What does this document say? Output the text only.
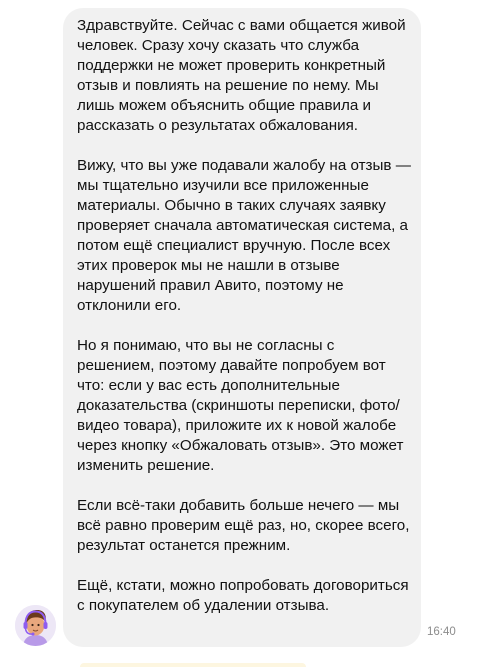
Здравствуйте. Сейчас с вами общается живой человек. Сразу хочу сказать что служба поддержки не может проверить конкретный отзыв и повлиять на решение по нему. Мы лишь можем объяснить общие правила и рассказать о результатах обжалования.

Вижу, что вы уже подавали жалобу на отзыв — мы тщательно изучили все приложенные материалы. Обычно в таких случаях заявку проверяет сначала автоматическая система, а потом ещё специалист вручную. После всех этих проверок мы не нашли в отзыве нарушений правил Авито, поэтому не отклонили его.

Но я понимаю, что вы не согласны с решением, поэтому давайте попробуем вот что: если у вас есть дополнительные доказательства (скриншоты переписки, фото/видео товара), приложите их к новой жалобе через кнопку «Обжаловать отзыв». Это может изменить решение.

Если всё-таки добавить больше нечего — мы всё равно проверим ещё раз, но, скорее всего, результат останется прежним.

Ещё, кстати, можно попробовать договориться с покупателем об удалении отзыва.

16:40
